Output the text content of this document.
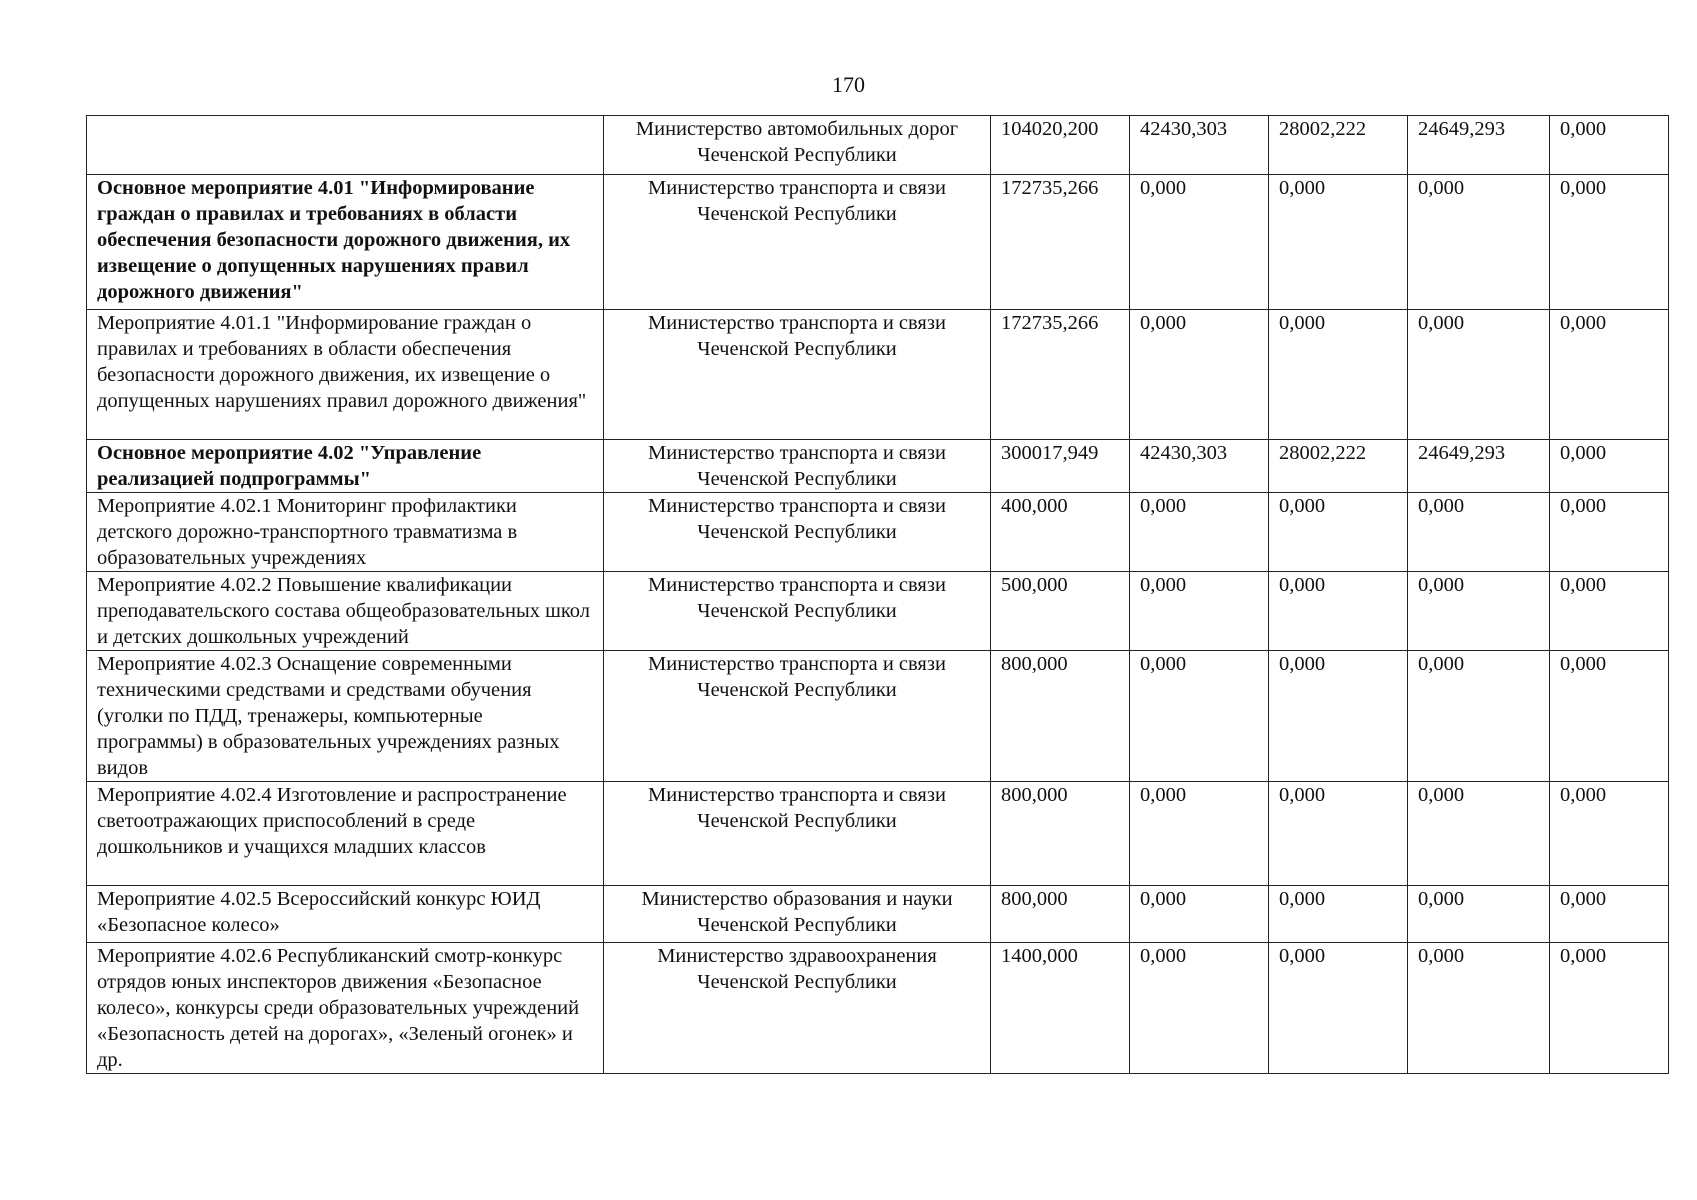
170
	Министерство автомобильных дорог Чеченской Республики	104020,200	42430,303	28002,222	24649,293	0,000
Основное мероприятие 4.01 "Информирование граждан о правилах и требованиях в области обеспечения безопасности дорожного движения, их извещение о допущенных нарушениях правил дорожного движения"	Министерство транспорта и связи Чеченской Республики	172735,266	0,000	0,000	0,000	0,000
Мероприятие 4.01.1 "Информирование граждан о правилах и требованиях в области обеспечения безопасности дорожного движения, их извещение о допущенных нарушениях правил дорожного движения"	Министерство транспорта и связи Чеченской Республики	172735,266	0,000	0,000	0,000	0,000
Основное мероприятие 4.02 "Управление реализацией подпрограммы"	Министерство транспорта и связи Чеченской Республики	300017,949	42430,303	28002,222	24649,293	0,000
Мероприятие 4.02.1 Мониторинг профилактики детского дорожно-транспортного травматизма в образовательных учреждениях	Министерство транспорта и связи Чеченской Республики	400,000	0,000	0,000	0,000	0,000
Мероприятие 4.02.2 Повышение квалификации преподавательского состава общеобразовательных школ и детских дошкольных учреждений	Министерство транспорта и связи Чеченской Республики	500,000	0,000	0,000	0,000	0,000
Мероприятие 4.02.3 Оснащение современными техническими средствами и средствами обучения (уголки по ПДД, тренажеры, компьютерные программы) в образовательных учреждениях разных видов	Министерство транспорта и связи Чеченской Республики	800,000	0,000	0,000	0,000	0,000
Мероприятие 4.02.4 Изготовление и распространение светоотражающих приспособлений в среде дошкольников и учащихся младших классов	Министерство транспорта и связи Чеченской Республики	800,000	0,000	0,000	0,000	0,000
Мероприятие 4.02.5 Всероссийский конкурс ЮИД «Безопасное колесо»	Министерство образования и науки Чеченской Республики	800,000	0,000	0,000	0,000	0,000
Мероприятие 4.02.6 Республиканский смотр-конкурс отрядов юных инспекторов движения «Безопасное колесо», конкурсы среди образовательных учреждений «Безопасность детей на дорогах», «Зеленый огонек» и др.	Министерство здравоохранения Чеченской Республики	1400,000	0,000	0,000	0,000	0,000
